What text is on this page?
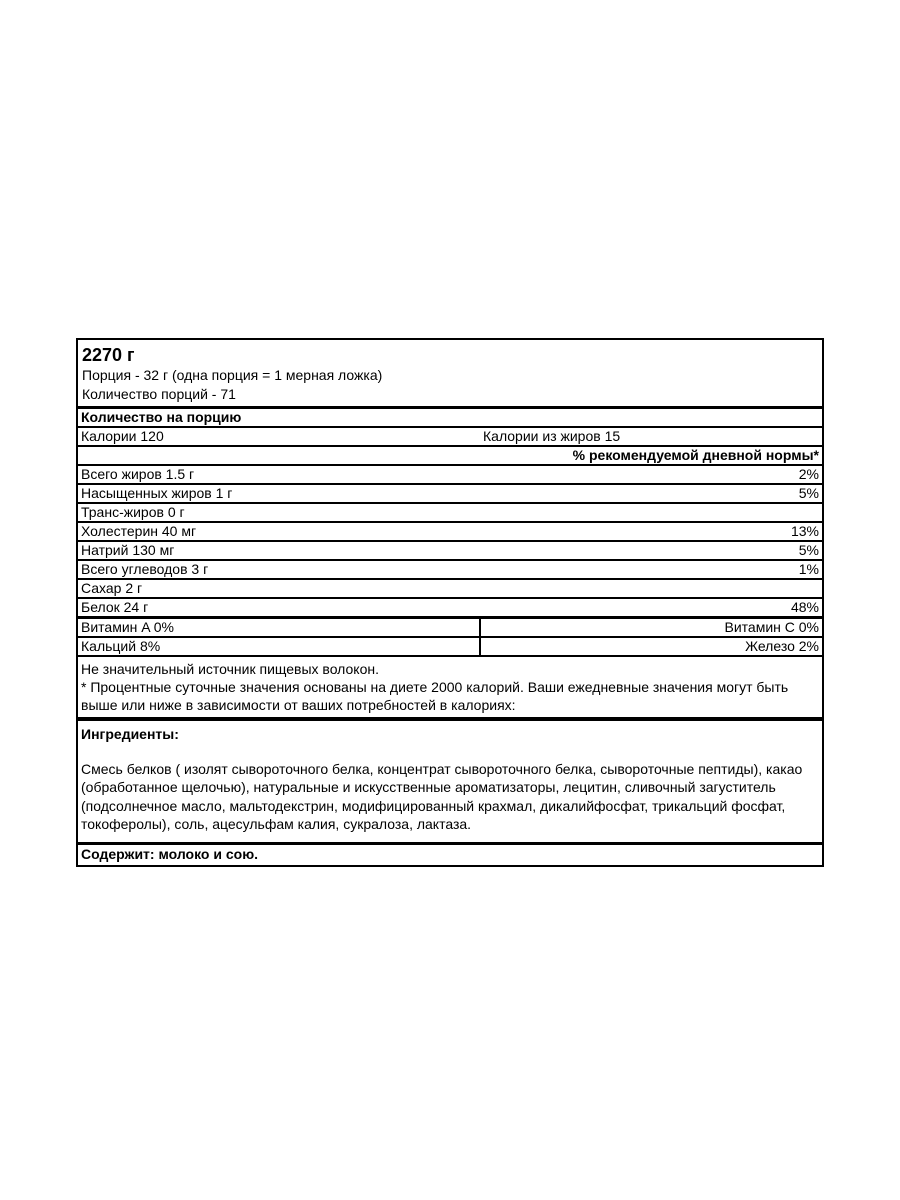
2270 г
Порция - 32 г (одна порция = 1 мерная ложка)
Количество порций - 71
Количество на порцию
Калории 120	Калории из жиров 15
% рекомендуемой дневной нормы*
Всего жиров 1.5 г	2%
Насыщенных жиров 1 г	5%
Транс-жиров 0 г
Холестерин 40 мг	13%
Натрий 130 мг	5%
Всего углеводов 3 г	1%
Сахар 2 г
Белок 24 г	48%
Витамин A 0%	Витамин C 0%
Кальций 8%	Железо 2%
Не значительный источник пищевых волокон.
* Процентные суточные значения основаны на диете 2000 калорий. Ваши ежедневные значения могут быть выше или ниже в зависимости от ваших потребностей в калориях:
Ингредиенты:
Смесь белков ( изолят сывороточного белка, концентрат сывороточного белка, сывороточные пептиды), какао (обработанное щелочью), натуральные и искусственные ароматизаторы, лецитин, сливочный загуститель (подсолнечное масло, мальтодекстрин, модифицированный крахмал, дикалийфосфат, трикальций фосфат, токоферолы), соль, ацесульфам калия, сукралоза, лактаза.
Содержит: молоко и сою.
